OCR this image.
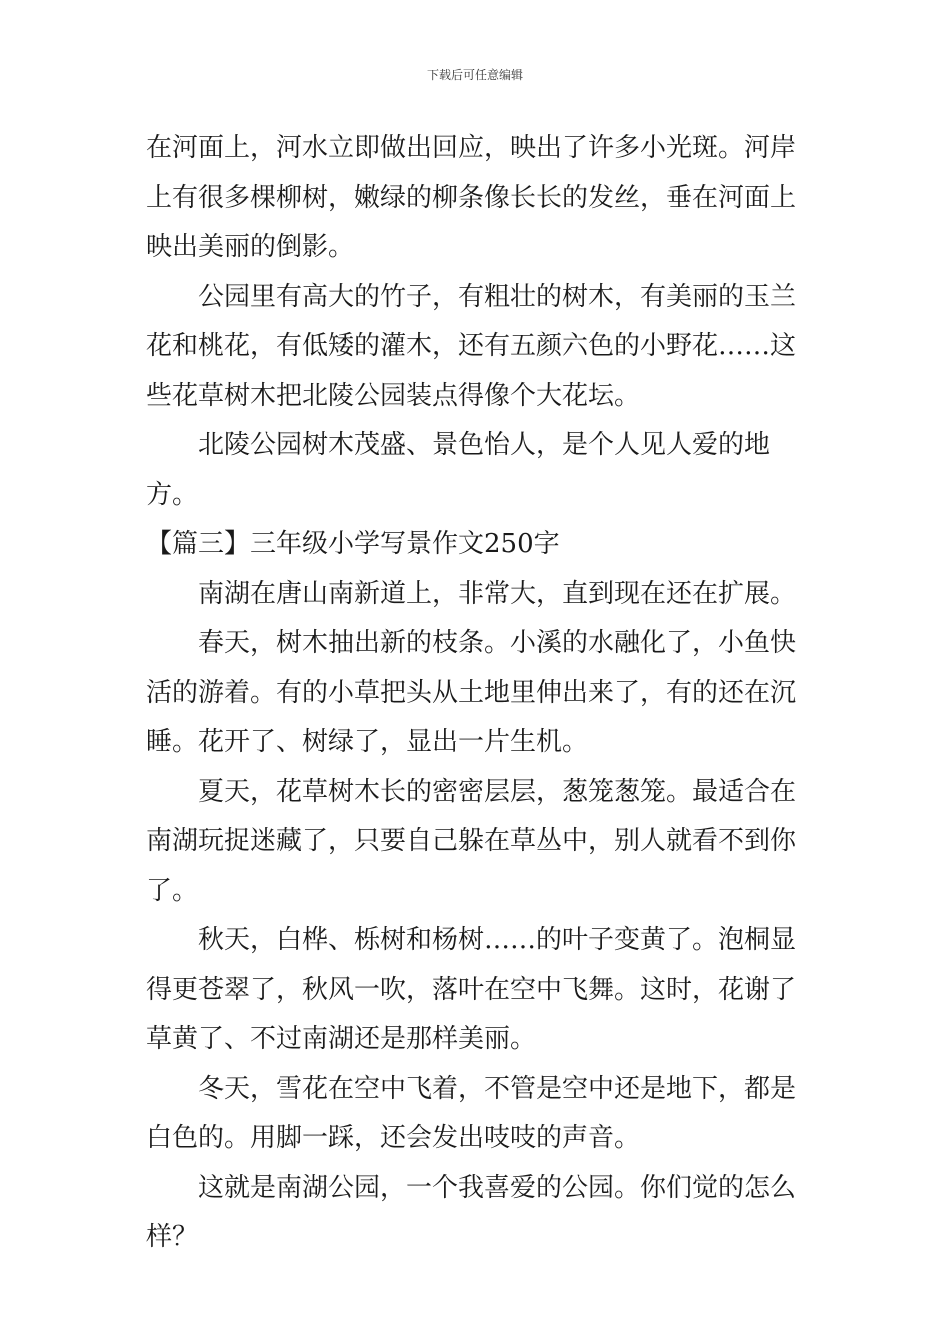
下载后可任意编辑

在河面上，河水立即做出回应，映出了许多小光斑。河岸上有很多棵柳树，嫩绿的柳条像长长的发丝，垂在河面上映出美丽的倒影。

公园里有高大的竹子，有粗壮的树木，有美丽的玉兰花和桃花，有低矮的灌木，还有五颜六色的小野花……这些花草树木把北陵公园装点得像个大花坛。

北陵公园树木茂盛、景色怡人，是个人见人爱的地方。

【篇三】三年级小学写景作文250字

南湖在唐山南新道上，非常大，直到现在还在扩展。

春天，树木抽出新的枝条。小溪的水融化了，小鱼快活的游着。有的小草把头从土地里伸出来了，有的还在沉睡。花开了、树绿了，显出一片生机。

夏天，花草树木长的密密层层，葱笼葱笼。最适合在南湖玩捉迷藏了，只要自己躲在草丛中，别人就看不到你了。

秋天，白桦、栎树和杨树……的叶子变黄了。泡桐显得更苍翠了，秋风一吹，落叶在空中飞舞。这时，花谢了草黄了、不过南湖还是那样美丽。

冬天，雪花在空中飞着，不管是空中还是地下，都是白色的。用脚一踩，还会发出吱吱的声音。

这就是南湖公园，一个我喜爱的公园。你们觉的怎么样？
